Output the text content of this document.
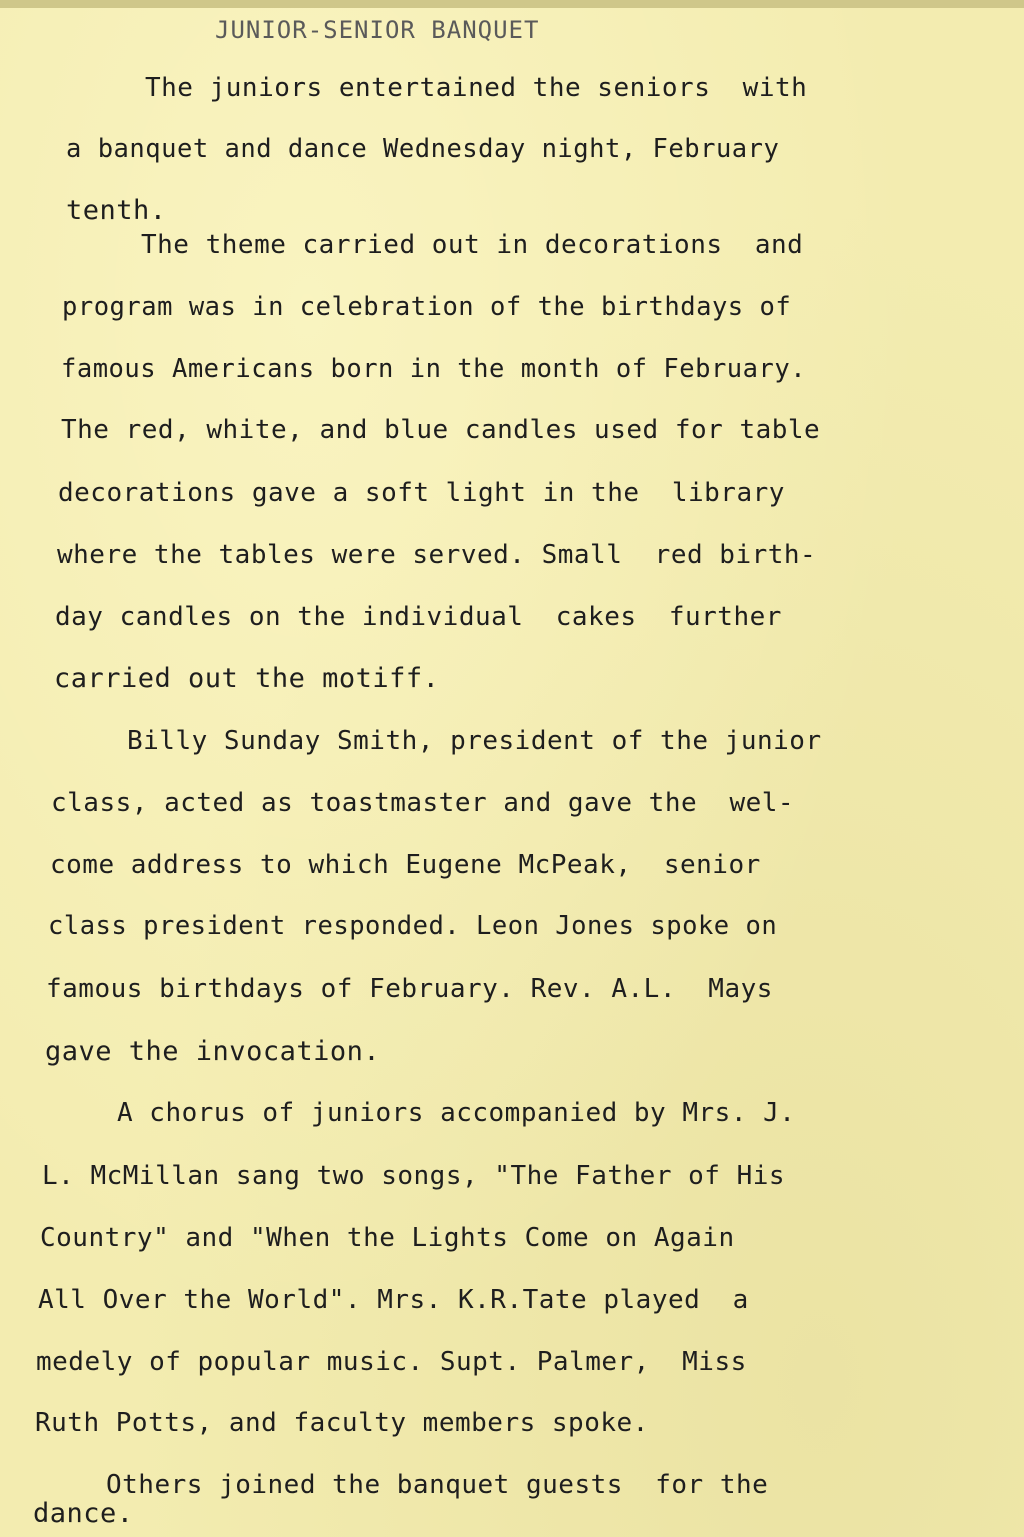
JUNIOR-SENIOR BANQUET
The juniors entertained the seniors  with
a banquet and dance Wednesday night, February
tenth.
The theme carried out in decorations  and
program was in celebration of the birthdays of
famous Americans born in the month of February.
The red, white, and blue candles used for table
decorations gave a soft light in the  library
where the tables were served. Small  red birth-
day candles on the individual  cakes  further
carried out the motiff.
Billy Sunday Smith, president of the junior
class, acted as toastmaster and gave the  wel-
come address to which Eugene McPeak,  senior
class president responded. Leon Jones spoke on
famous birthdays of February. Rev. A.L.  Mays
gave the invocation.
A chorus of juniors accompanied by Mrs. J.
L. McMillan sang two songs, "The Father of His
Country" and "When the Lights Come on Again
All Over the World". Mrs. K.R.Tate played  a
medely of popular music. Supt. Palmer,  Miss
Ruth Potts, and faculty members spoke.
Others joined the banquet guests  for the
dance.
